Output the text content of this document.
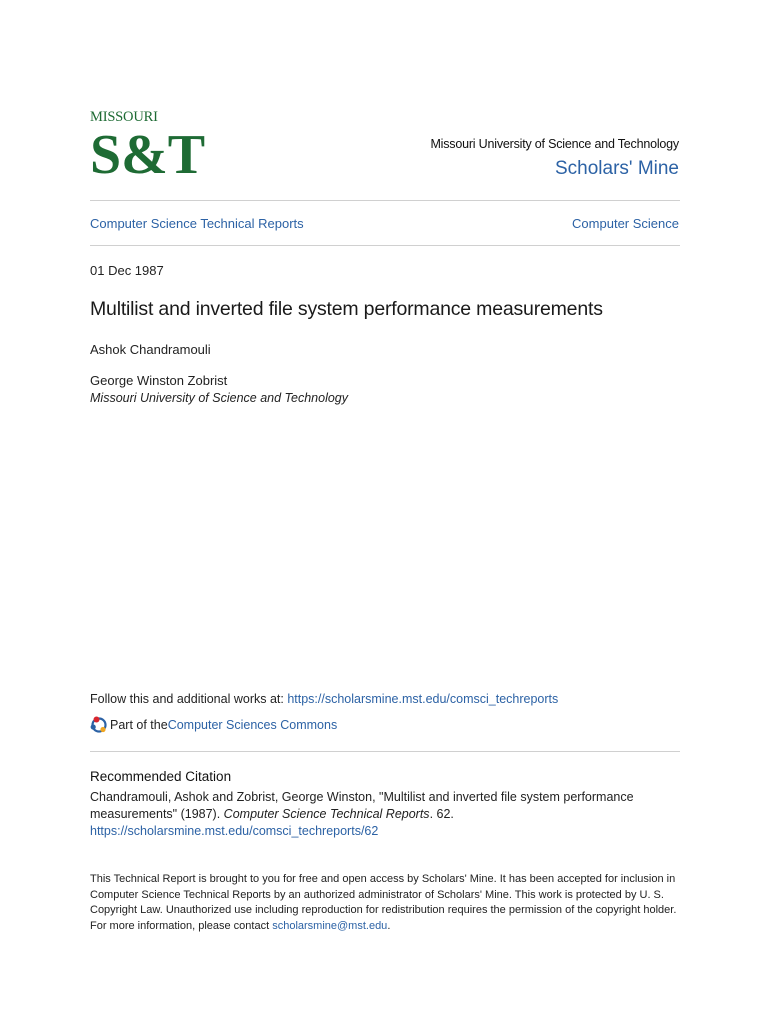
MISSOURI
S&T	Missouri University of Science and Technology
Scholars' Mine
Computer Science Technical Reports	Computer Science
01 Dec 1987
Multilist and inverted file system performance measurements
Ashok Chandramouli
George Winston Zobrist
Missouri University of Science and Technology
Follow this and additional works at: https://scholarsmine.mst.edu/comsci_techreports
Part of the Computer Sciences Commons
Recommended Citation
Chandramouli, Ashok and Zobrist, George Winston, "Multilist and inverted file system performance measurements" (1987). Computer Science Technical Reports. 62.
https://scholarsmine.mst.edu/comsci_techreports/62
This Technical Report is brought to you for free and open access by Scholars' Mine. It has been accepted for inclusion in Computer Science Technical Reports by an authorized administrator of Scholars' Mine. This work is protected by U. S. Copyright Law. Unauthorized use including reproduction for redistribution requires the permission of the copyright holder. For more information, please contact scholarsmine@mst.edu.
